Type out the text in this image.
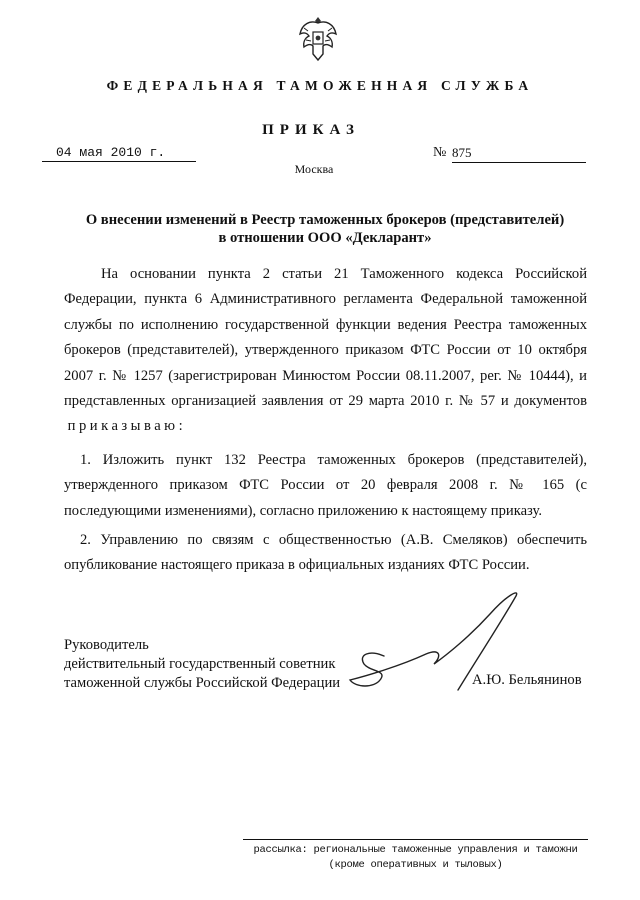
ФЕДЕРАЛЬНАЯ ТАМОЖЕННАЯ СЛУЖБА
ПРИКАЗ
04 мая 2010 г.	№ 875
Москва
О внесении изменений в Реестр таможенных брокеров (представителей)
в отношении ООО «Декларант»

На основании пункта 2 статьи 21 Таможенного кодекса Российской Федерации, пункта 6 Административного регламента Федеральной таможенной службы по исполнению государственной функции ведения Реестра таможенных брокеров (представителей), утвержденного приказом ФТС России от 10 октября 2007 г. № 1257 (зарегистрирован Минюстом России 08.11.2007, рег. № 10444), и представленных организацией заявления от 29 марта 2010 г. № 57 и документов  приказываю:

1. Изложить пункт 132 Реестра таможенных брокеров (представителей), утвержденного приказом ФТС России от 20 февраля 2008 г. № 165 (с последующими изменениями), согласно приложению к настоящему приказу.

2. Управлению по связям с общественностью (А.В. Смеляков) обеспечить опубликование настоящего приказа в официальных изданиях ФТС России.

Руководитель
действительный государственный советник
таможенной службы Российской Федерации	А.Ю. Бельянинов
рассылка: региональные таможенные управления и таможни
(кроме оперативных и тыловых)
